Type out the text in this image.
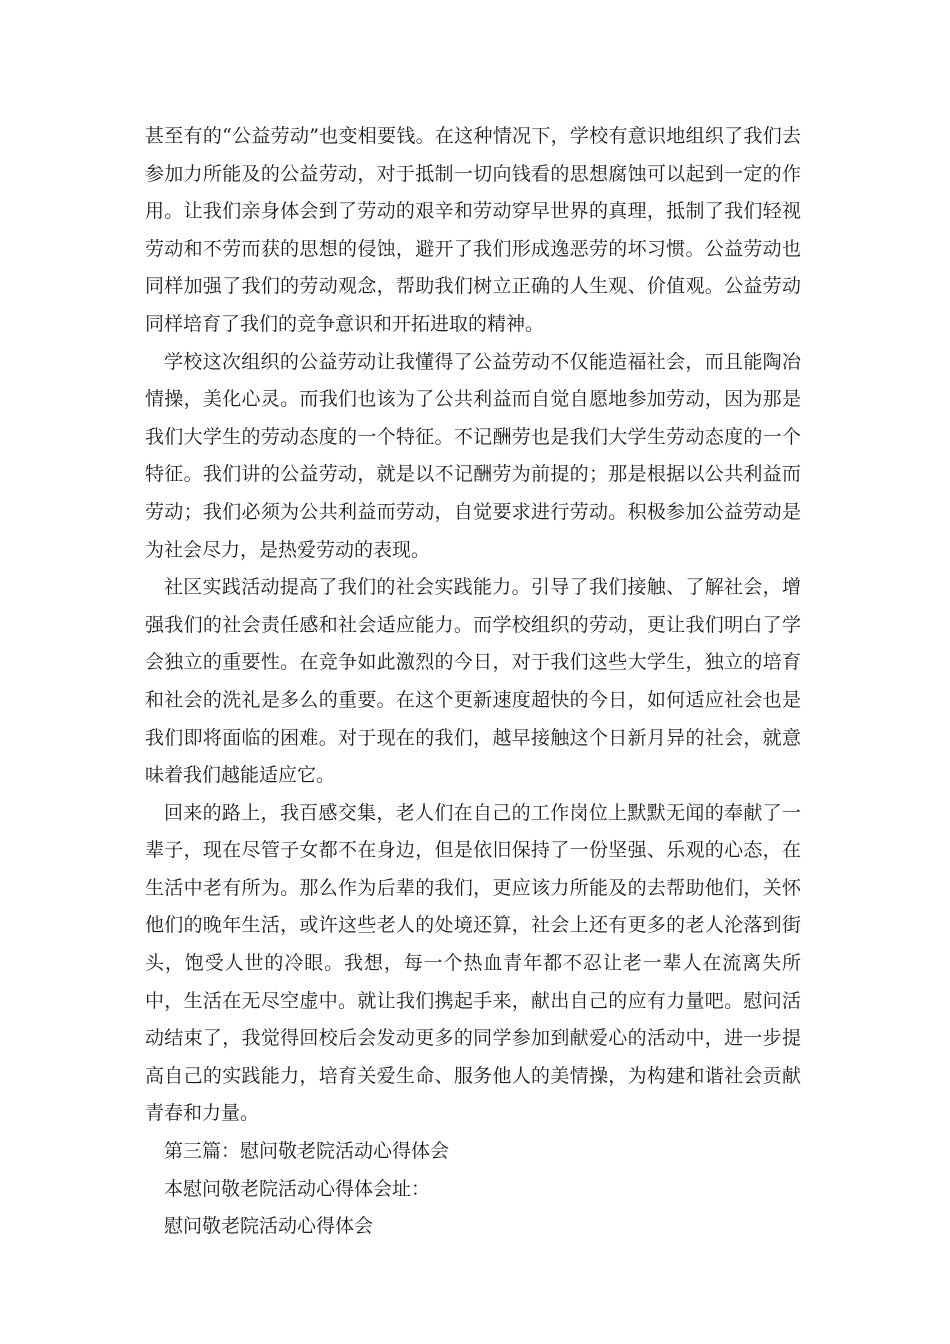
甚至有的“公益劳动”也变相要钱。在这种情况下，学校有意识地组织了我们去参加力所能及的公益劳动，对于抵制一切向钱看的思想腐蚀可以起到一定的作用。让我们亲身体会到了劳动的艰辛和劳动穿早世界的真理，抵制了我们轻视劳动和不劳而获的思想的侵蚀，避开了我们形成逸恶劳的坏习惯。公益劳动也同样加强了我们的劳动观念，帮助我们树立正确的人生观、价值观。公益劳动同样培育了我们的竞争意识和开拓进取的精神。

学校这次组织的公益劳动让我懂得了公益劳动不仅能造福社会，而且能陶冶情操，美化心灵。而我们也该为了公共利益而自觉自愿地参加劳动，因为那是我们大学生的劳动态度的一个特征。不记酬劳也是我们大学生劳动态度的一个特征。我们讲的公益劳动，就是以不记酬劳为前提的；那是根据以公共利益而劳动；我们必须为公共利益而劳动，自觉要求进行劳动。积极参加公益劳动是为社会尽力，是热爱劳动的表现。

社区实践活动提高了我们的社会实践能力。引导了我们接触、了解社会，增强我们的社会责任感和社会适应能力。而学校组织的劳动，更让我们明白了学会独立的重要性。在竞争如此激烈的今日，对于我们这些大学生，独立的培育和社会的洗礼是多么的重要。在这个更新速度超快的今日，如何适应社会也是我们即将面临的困难。对于现在的我们，越早接触这个日新月异的社会，就意味着我们越能适应它。

回来的路上，我百感交集，老人们在自己的工作岗位上默默无闻的奉献了一辈子，现在尽管子女都不在身边，但是依旧保持了一份坚强、乐观的心态，在生活中老有所为。那么作为后辈的我们，更应该力所能及的去帮助他们，关怀他们的晚年生活，或许这些老人的处境还算，社会上还有更多的老人沦落到街头，饱受人世的冷眼。我想，每一个热血青年都不忍让老一辈人在流离失所中，生活在无尽空虚中。就让我们携起手来，献出自己的应有力量吧。慰问活动结束了，我觉得回校后会发动更多的同学参加到献爱心的活动中，进一步提高自己的实践能力，培育关爱生命、服务他人的美情操，为构建和谐社会贡献青春和力量。

第三篇：慰问敬老院活动心得体会

本慰问敬老院活动心得体会址：

慰问敬老院活动心得体会
